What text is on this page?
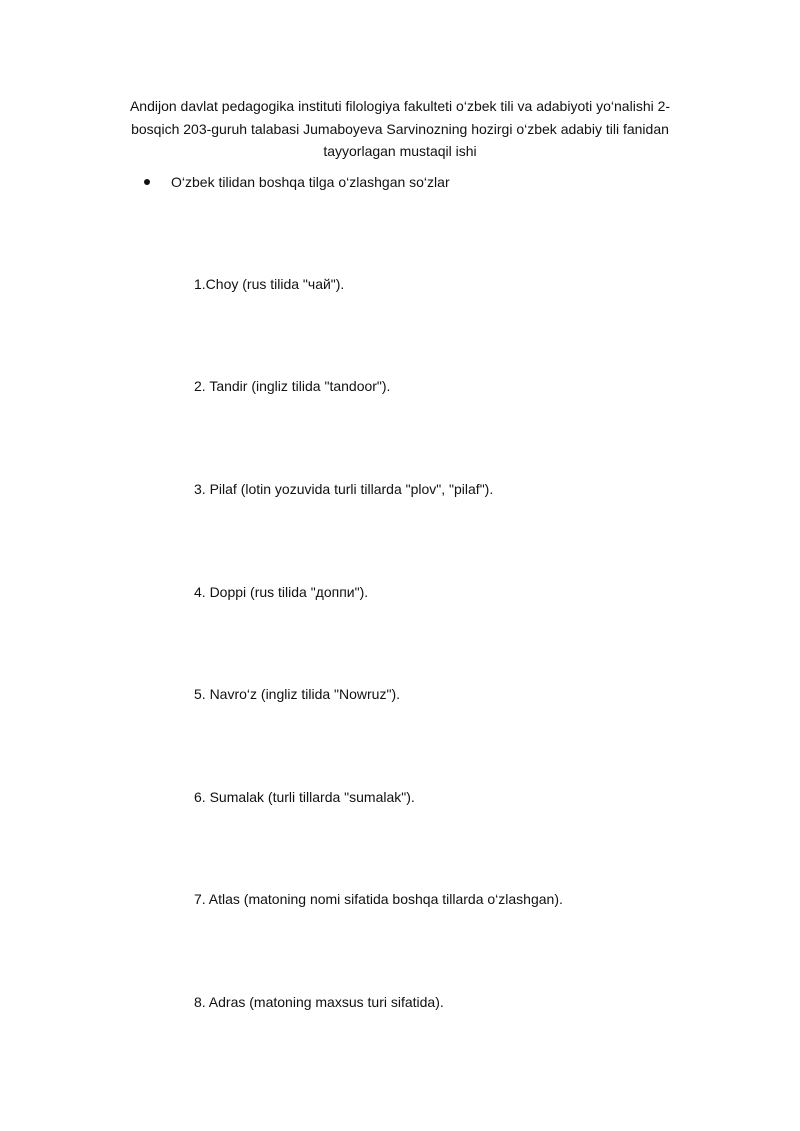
Andijon davlat pedagogika instituti filologiya fakulteti o‘zbek tili va adabiyoti yo‘nalishi 2-bosqich 203-guruh talabasi Jumaboyeva Sarvinozning hozirgi o‘zbek adabiy tili fanidan tayyorlagan mustaqil ishi
O‘zbek tilidan boshqa tilga o‘zlashgan so‘zlar
1.Choy (rus tilida "чай").
2. Tandir (ingliz tilida "tandoor").
3. Pilaf (lotin yozuvida turli tillarda "plov", "pilaf").
4. Doppi (rus tilida "доппи").
5. Navro‘z (ingliz tilida "Nowruz").
6. Sumalak (turli tillarda "sumalak").
7. Atlas (matoning nomi sifatida boshqa tillarda o‘zlashgan).
8. Adras (matoning maxsus turi sifatida).
